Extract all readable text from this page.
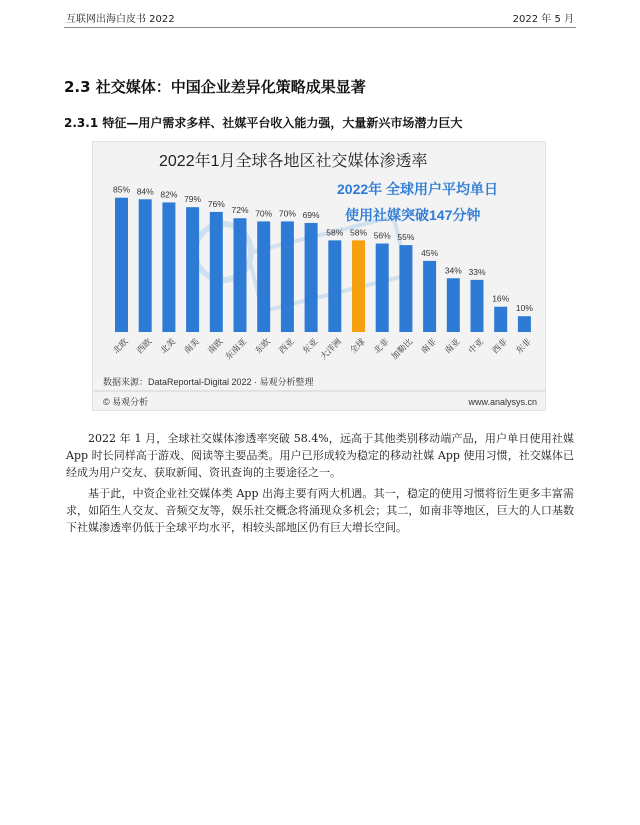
互联网出海白皮书 2022	2022 年 5 月
2.3 社交媒体：中国企业差异化策略成果显著
2.3.1 特征—用户需求多样、社媒平台收入能力强，大量新兴市场潜力巨大
2022年1月全球各地区社交媒体渗透率
2022年 全球用户平均单日
使用社媒突破147分钟
85% 84% 82% 79% 76%
72% 70% 70% 69%
58% 58% 56% 55%
45%
34% 33%
16%
10%
北欧 西欧 北美 南美 南欧
东南亚 东欧 西亚 东亚
大洋洲 全球 北非
加勒比 南非 南亚 中亚 西非 东非
数据来源：DataReportal-Digital 2022 · 易观分析整理
© 易观分析	www.analysys.cn

2022 年 1 月，全球社交媒体渗透率突破 58.4%，远高于其他类别移动端产品，用户单日使用社媒 App 时长同样高于游戏、阅读等主要品类。用户已形成较为稳定的移动社媒 App 使用习惯，社交媒体已经成为用户交友、获取新闻、资讯查询的主要途径之一。

基于此，中资企业社交媒体类 App 出海主要有两大机遇。其一，稳定的使用习惯将衍生更多丰富需求，如陌生人交友、音频交友等，娱乐社交概念将涌现众多机会；其二，如南非等地区，巨大的人口基数下社媒渗透率仍低于全球平均水平，相较头部地区仍有巨大增长空间。
